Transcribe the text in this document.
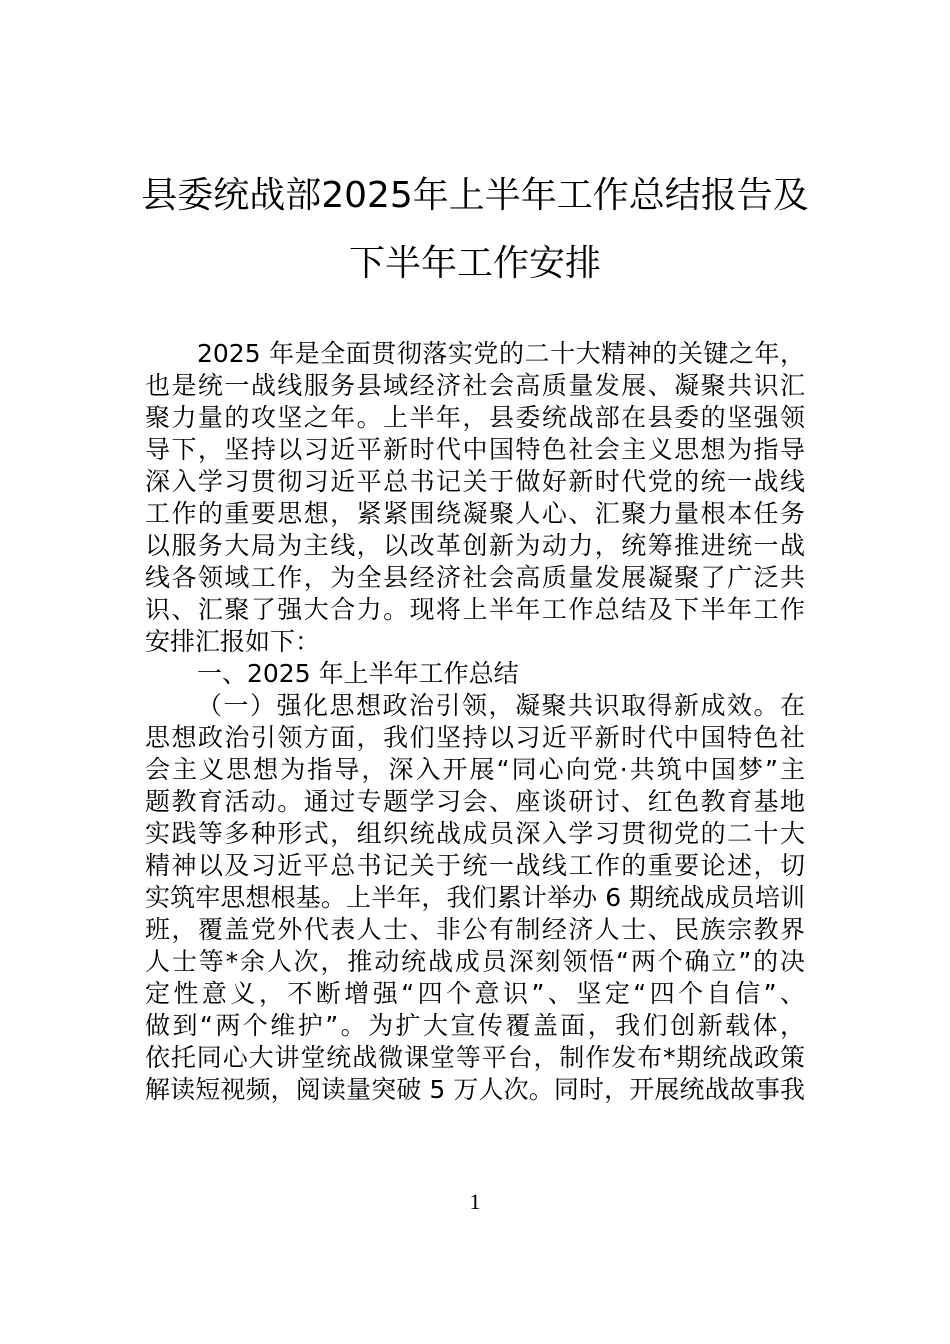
县委统战部2025年上半年工作总结报告及
下半年工作安排
2025 年是全面贯彻落实党的二十大精神的关键之年，
也是统一战线服务县域经济社会高质量发展、凝聚共识汇
聚力量的攻坚之年。上半年，县委统战部在县委的坚强领
导下，坚持以习近平新时代中国特色社会主义思想为指导
深入学习贯彻习近平总书记关于做好新时代党的统一战线
工作的重要思想，紧紧围绕凝聚人心、汇聚力量根本任务
以服务大局为主线，以改革创新为动力，统筹推进统一战
线各领域工作，为全县经济社会高质量发展凝聚了广泛共
识、汇聚了强大合力。现将上半年工作总结及下半年工作
安排汇报如下：
一、2025 年上半年工作总结
（一）强化思想政治引领，凝聚共识取得新成效。在
思想政治引领方面，我们坚持以习近平新时代中国特色社
会主义思想为指导，深入开展“同心向党·共筑中国梦”主
题教育活动。通过专题学习会、座谈研讨、红色教育基地
实践等多种形式，组织统战成员深入学习贯彻党的二十大
精神以及习近平总书记关于统一战线工作的重要论述，切
实筑牢思想根基。上半年，我们累计举办 6 期统战成员培训
班，覆盖党外代表人士、非公有制经济人士、民族宗教界
人士等*余人次，推动统战成员深刻领悟“两个确立”的决
定性意义，不断增强“四个意识”、坚定“四个自信”、
做到“两个维护”。为扩大宣传覆盖面，我们创新载体，
依托同心大讲堂统战微课堂等平台，制作发布*期统战政策
解读短视频，阅读量突破 5 万人次。同时，开展统战故事我
1
